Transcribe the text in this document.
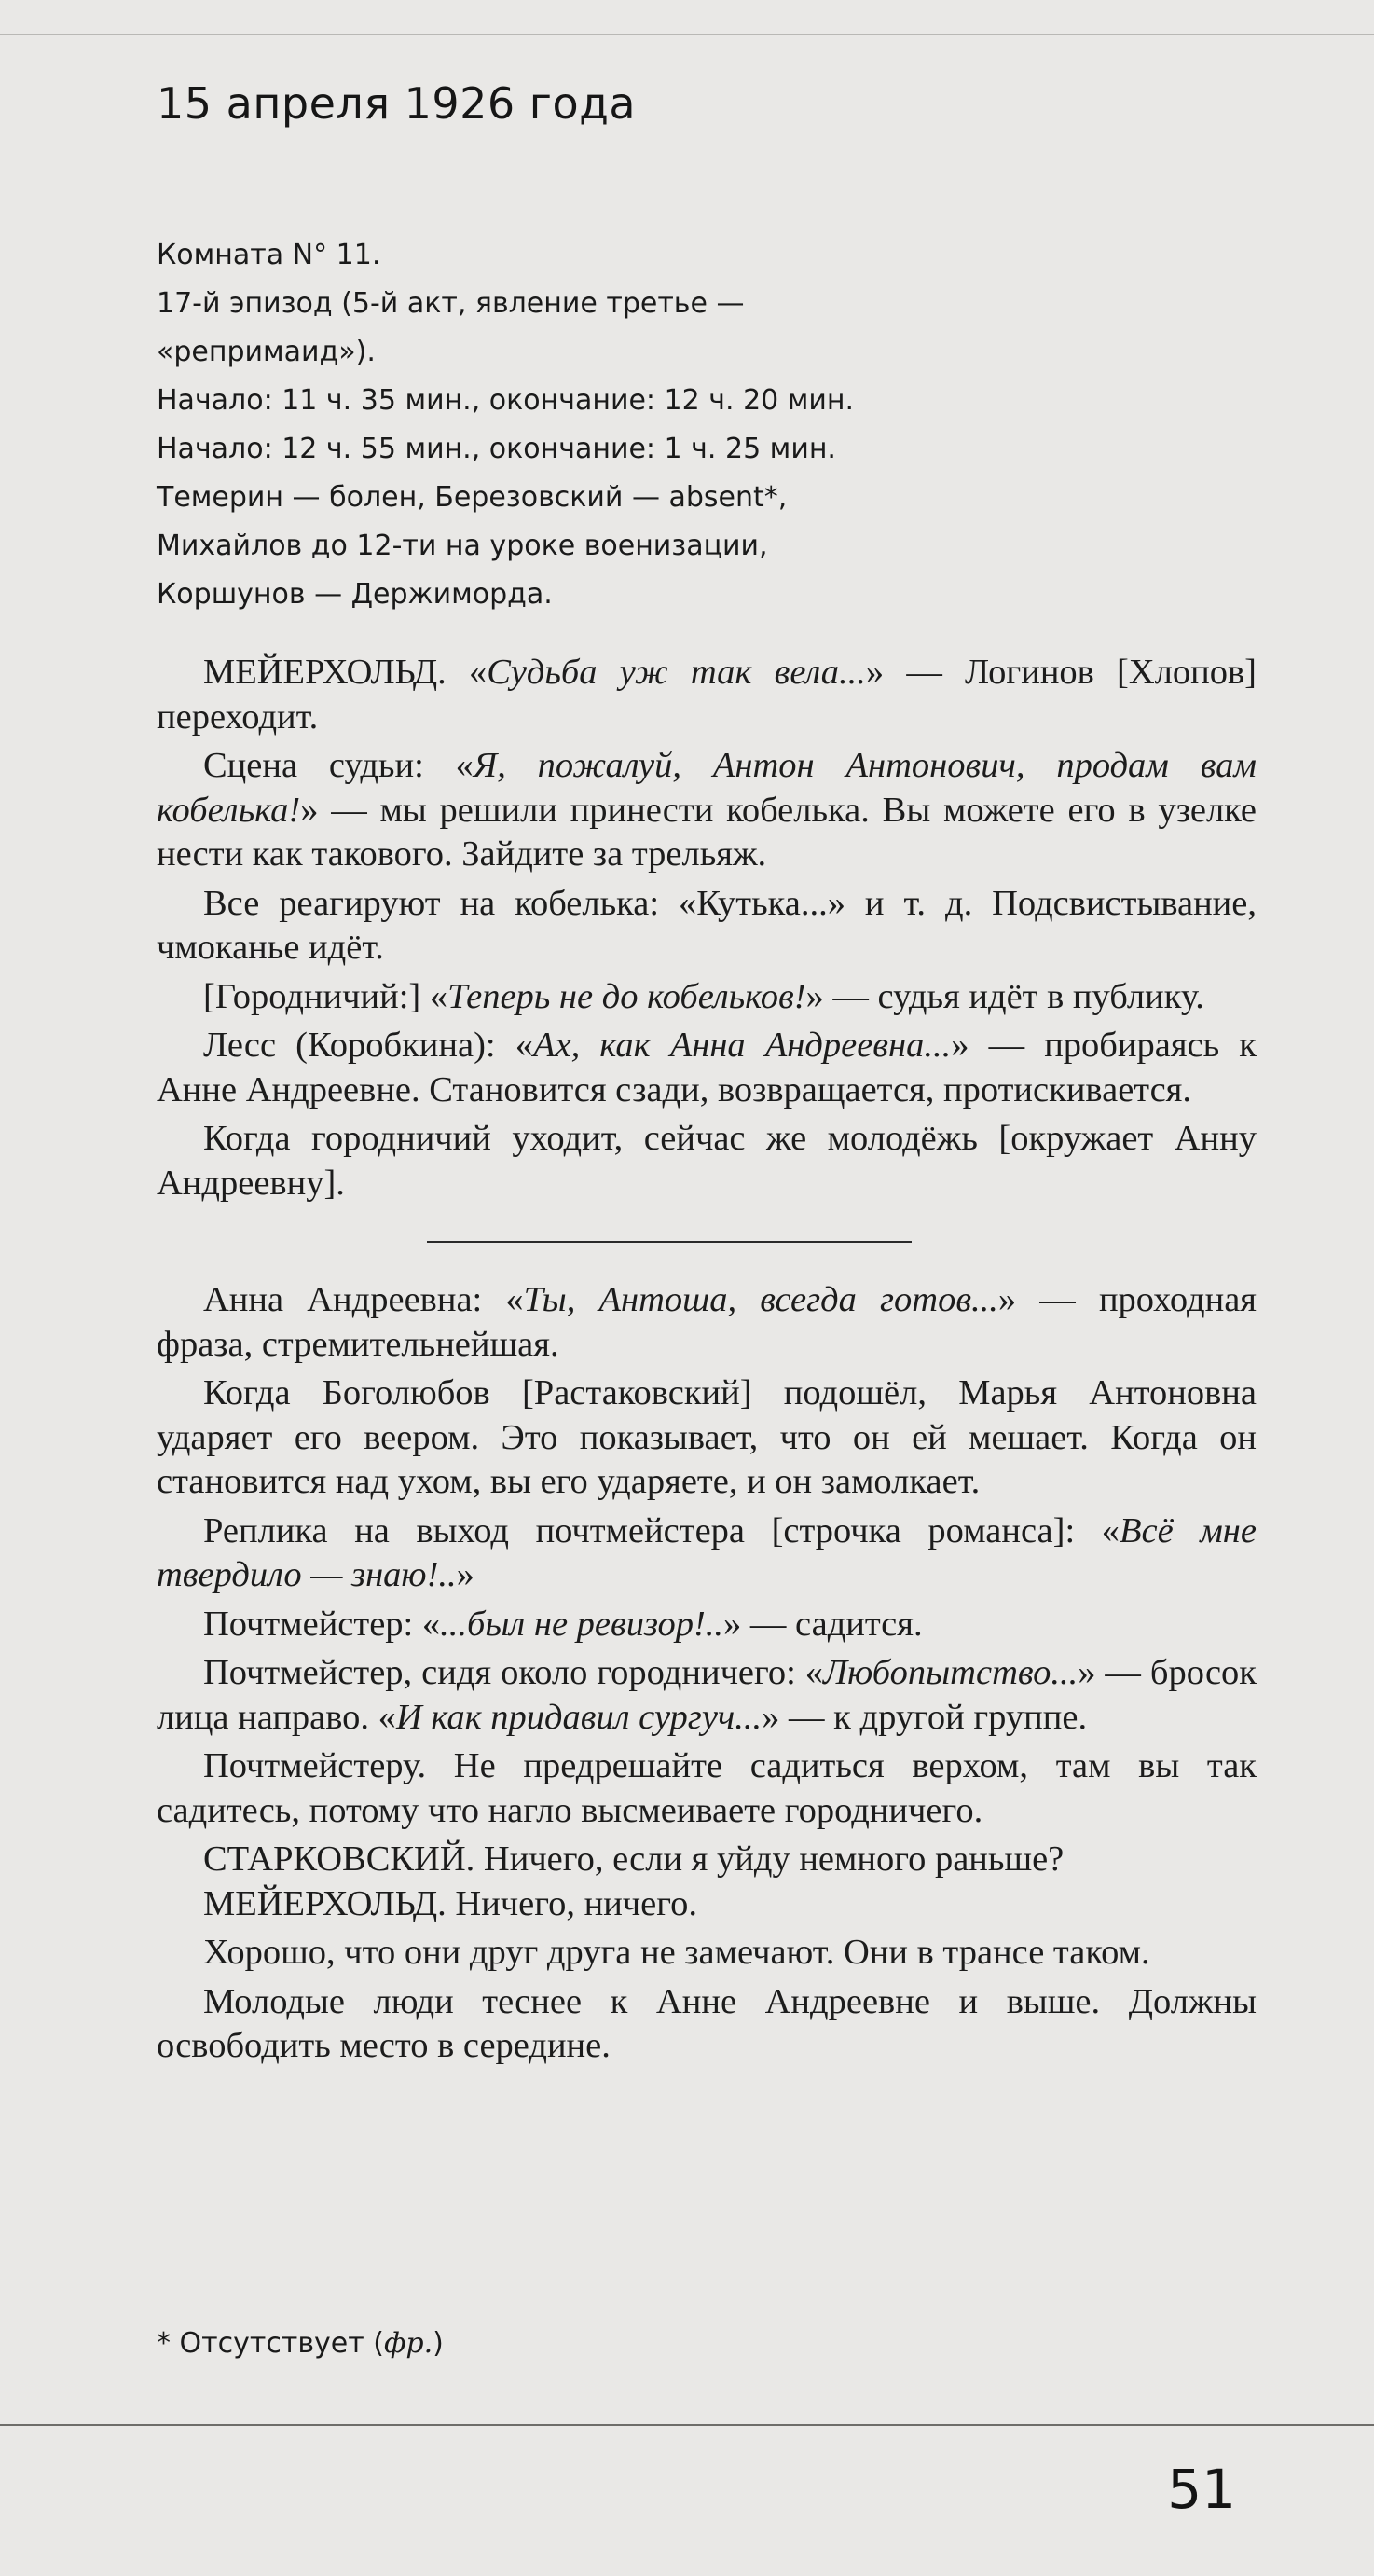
15 апреля 1926 года
Комната N° 11.
17-й эпизод (5-й акт, явление третье —
«репримаид»).
Начало: 11 ч. 35 мин., окончание: 12 ч. 20 мин.
Начало: 12 ч. 55 мин., окончание: 1 ч. 25 мин.
Темерин — болен, Березовский — absent*,
Михайлов до 12-ти на уроке военизации,
Коршунов — Держиморда.

МЕЙЕРХОЛЬД. «Судьба уж так вела...» — Логинов [Хлопов] переходит.

Сцена судьи: «Я, пожалуй, Антон Антонович, продам вам кобелька!» — мы решили принести кобелька. Вы можете его в узелке нести как такового. Зайдите за трельяж.

Все реагируют на кобелька: «Кутька...» и т. д. Подсвистывание, чмоканье идёт.

[Городничий:] «Теперь не до кобельков!» — судья идёт в публику.

Лесс (Коробкина): «Ах, как Анна Андреевна...» — пробираясь к Анне Андреевне. Становится сзади, возвращается, протискивается.

Когда городничий уходит, сейчас же молодёжь [окружает Анну Андреевну].

Анна Андреевна: «Ты, Антоша, всегда готов...» — проходная фраза, стремительнейшая.

Когда Боголюбов [Растаковский] подошёл, Марья Антоновна ударяет его веером. Это показывает, что он ей мешает. Когда он становится над ухом, вы его ударяете, и он замолкает.

Реплика на выход почтмейстера [строчка романса]: «Всё мне твердило — знаю!..»

Почтмейстер: «...был не ревизор!..» — садится.

Почтмейстер, сидя около городничего: «Любопытство...» — бросок лица направо. «И как придавил сургуч...» — к другой группе.

Почтмейстеру. Не предрешайте садиться верхом, там вы так садитесь, потому что нагло высмеиваете городничего.

СТАРКОВСКИЙ. Ничего, если я уйду немного раньше?

МЕЙЕРХОЛЬД. Ничего, ничего.

Хорошо, что они друг друга не замечают. Они в трансе таком.

Молодые люди теснее к Анне Андреевне и выше. Должны освободить место в середине.

* Отсутствует (фр.)
51
